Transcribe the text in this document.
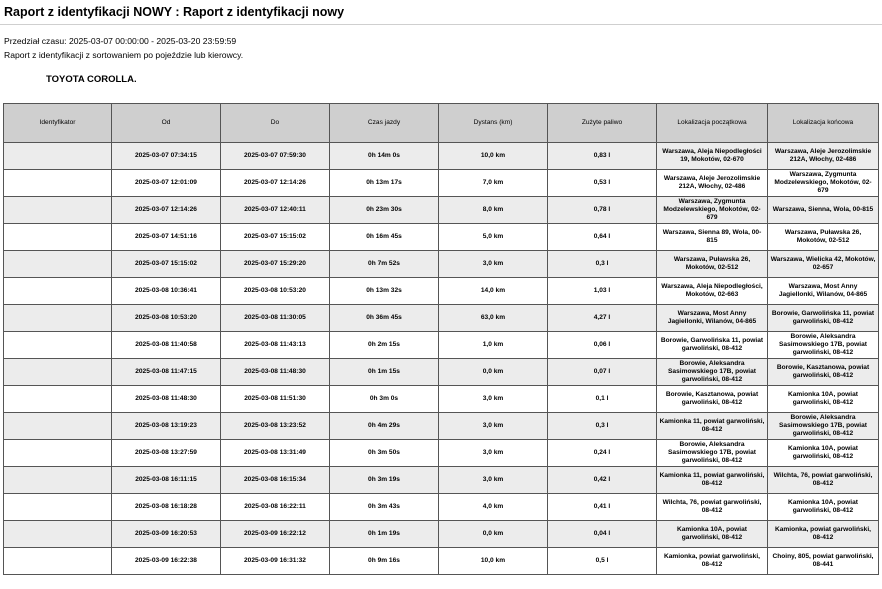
Raport z identyfikacji NOWY : Raport z identyfikacji nowy
Przedział czasu: 2025-03-07 00:00:00 - 2025-03-20 23:59:59
Raport z identyfikacji z sortowaniem po pojeździe lub kierowcy.
TOYOTA COROLLA.
Identyfikator	Od	Do	Czas jazdy	Dystans (km)	Zużyte paliwo	Lokalizacja początkowa	Lokalizacja końcowa
	2025-03-07 07:34:15	2025-03-07 07:59:30	0h 14m 0s	10,0 km	0,83 l	Warszawa, Aleja Niepodległości 19, Mokotów, 02-670	Warszawa, Aleje Jerozolimskie 212A, Włochy, 02-486
	2025-03-07 12:01:09	2025-03-07 12:14:26	0h 13m 17s	7,0 km	0,53 l	Warszawa, Aleje Jerozolimskie 212A, Włochy, 02-486	Warszawa, Zygmunta Modzelewskiego, Mokotów, 02-679
	2025-03-07 12:14:26	2025-03-07 12:40:11	0h 23m 30s	8,0 km	0,78 l	Warszawa, Zygmunta Modzelewskiego, Mokotów, 02-679	Warszawa, Sienna, Wola, 00-815
	2025-03-07 14:51:16	2025-03-07 15:15:02	0h 16m 45s	5,0 km	0,64 l	Warszawa, Sienna 89, Wola, 00-815	Warszawa, Puławska 26, Mokotów, 02-512
	2025-03-07 15:15:02	2025-03-07 15:29:20	0h 7m 52s	3,0 km	0,3 l	Warszawa, Puławska 26, Mokotów, 02-512	Warszawa, Wielicka 42, Mokotów, 02-657
	2025-03-08 10:36:41	2025-03-08 10:53:20	0h 13m 32s	14,0 km	1,03 l	Warszawa, Aleja Niepodległości, Mokotów, 02-663	Warszawa, Most Anny Jagiellonki, Wilanów, 04-865
	2025-03-08 10:53:20	2025-03-08 11:30:05	0h 36m 45s	63,0 km	4,27 l	Warszawa, Most Anny Jagiellonki, Wilanów, 04-865	Borowie, Garwolińska 11, powiat garwoliński, 08-412
	2025-03-08 11:40:58	2025-03-08 11:43:13	0h 2m 15s	1,0 km	0,06 l	Borowie, Garwolińska 11, powiat garwoliński, 08-412	Borowie, Aleksandra Sasimowskiego 17B, powiat garwoliński, 08-412
	2025-03-08 11:47:15	2025-03-08 11:48:30	0h 1m 15s	0,0 km	0,07 l	Borowie, Aleksandra Sasimowskiego 17B, powiat garwoliński, 08-412	Borowie, Kasztanowa, powiat garwoliński, 08-412
	2025-03-08 11:48:30	2025-03-08 11:51:30	0h 3m 0s	3,0 km	0,1 l	Borowie, Kasztanowa, powiat garwoliński, 08-412	Kamionka 10A, powiat garwoliński, 08-412
	2025-03-08 13:19:23	2025-03-08 13:23:52	0h 4m 29s	3,0 km	0,3 l	Kamionka 11, powiat garwoliński, 08-412	Borowie, Aleksandra Sasimowskiego 17B, powiat garwoliński, 08-412
	2025-03-08 13:27:59	2025-03-08 13:31:49	0h 3m 50s	3,0 km	0,24 l	Borowie, Aleksandra Sasimowskiego 17B, powiat garwoliński, 08-412	Kamionka 10A, powiat garwoliński, 08-412
	2025-03-08 16:11:15	2025-03-08 16:15:34	0h 3m 19s	3,0 km	0,42 l	Kamionka 11, powiat garwoliński, 08-412	Wilchta, 76, powiat garwoliński, 08-412
	2025-03-08 16:18:28	2025-03-08 16:22:11	0h 3m 43s	4,0 km	0,41 l	Wilchta, 76, powiat garwoliński, 08-412	Kamionka 10A, powiat garwoliński, 08-412
	2025-03-09 16:20:53	2025-03-09 16:22:12	0h 1m 19s	0,0 km	0,04 l	Kamionka 10A, powiat garwoliński, 08-412	Kamionka, powiat garwoliński, 08-412
	2025-03-09 16:22:38	2025-03-09 16:31:32	0h 9m 16s	10,0 km	0,5 l	Kamionka, powiat garwoliński, 08-412	Choiny, 805, powiat garwoliński, 08-441
